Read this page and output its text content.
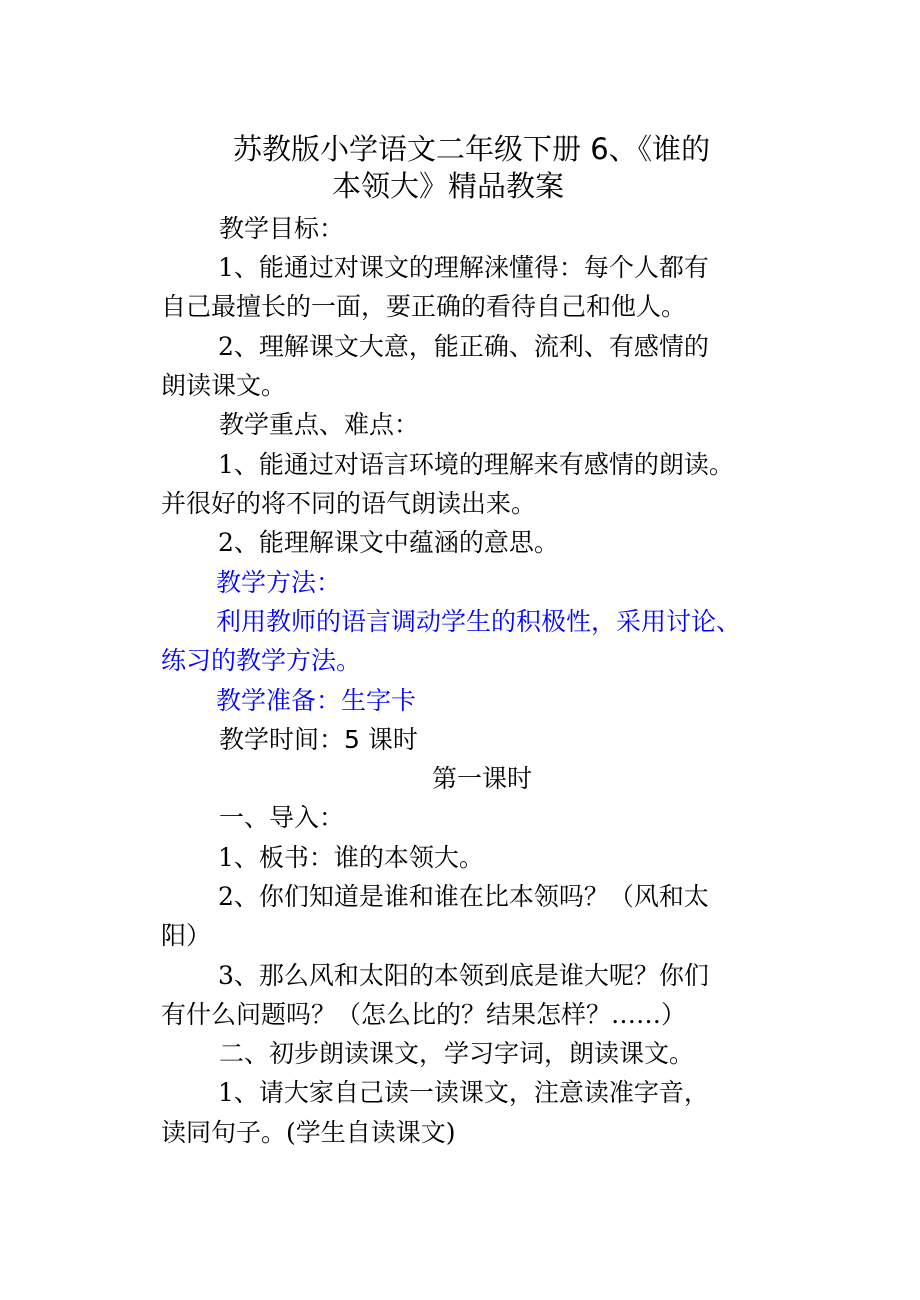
苏教版小学语文二年级下册 6、《谁的
本领大》精品教案
教学目标：
1、能通过对课文的理解涞懂得：每个人都有
自己最擅长的一面，要正确的看待自己和他人。
2、理解课文大意，能正确、流利、有感情的
朗读课文。
教学重点、难点：
1、能通过对语言环境的理解来有感情的朗读。
并很好的将不同的语气朗读出来。
2、能理解课文中蕴涵的意思。
教学方法：
利用教师的语言调动学生的积极性，采用讨论、
练习的教学方法。
教学准备：生字卡
教学时间：5 课时
第一课时
一、导入：
1、板书：谁的本领大。
2、你们知道是谁和谁在比本领吗？（风和太
阳）
3、那么风和太阳的本领到底是谁大呢？你们
有什么问题吗？（怎么比的？结果怎样？……）
二、初步朗读课文，学习字词，朗读课文。
1、请大家自己读一读课文，注意读准字音，
读同句子。(学生自读课文)
